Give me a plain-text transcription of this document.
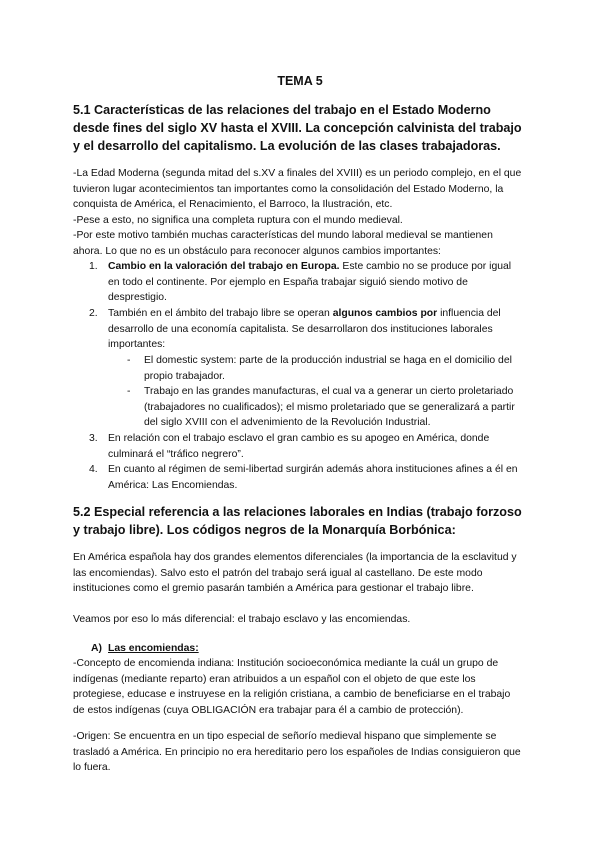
TEMA 5

5.1 Características de las relaciones del trabajo en el Estado Moderno desde fines del siglo XV hasta el XVIII. La concepción calvinista del trabajo y el desarrollo del capitalismo. La evolución de las clases trabajadoras.

-La Edad Moderna (segunda mitad del s.XV a finales del XVIII) es un periodo complejo, en el que tuvieron lugar acontecimientos tan importantes como la consolidación del Estado Moderno, la conquista de América, el Renacimiento, el Barroco, la Ilustración, etc.

-Pese a esto, no significa una completa ruptura con el mundo medieval.

-Por este motivo también muchas características del mundo laboral medieval se mantienen ahora. Lo que no es un obstáculo para reconocer algunos cambios importantes:

1. Cambio en la valoración del trabajo en Europa. Este cambio no se produce por igual en todo el continente. Por ejemplo en España trabajar siguió siendo motivo de desprestigio.

2. También en el ámbito del trabajo libre se operan algunos cambios por influencia del desarrollo de una economía capitalista. Se desarrollaron dos instituciones laborales importantes:

- El domestic system: parte de la producción industrial se haga en el domicilio del propio trabajador.

- Trabajo en las grandes manufacturas, el cual va a generar un cierto proletariado (trabajadores no cualificados); el mismo proletariado que se generalizará a partir del siglo XVIII con el advenimiento de la Revolución Industrial.

3. En relación con el trabajo esclavo el gran cambio es su apogeo en América, donde culminará el “tráfico negrero”.

4. En cuanto al régimen de semi-libertad surgirán además ahora instituciones afines a él en América: Las Encomiendas.

5.2 Especial referencia a las relaciones laborales en Indias (trabajo forzoso y trabajo libre). Los códigos negros de la Monarquía Borbónica:

En América española hay dos grandes elementos diferenciales (la importancia de la esclavitud y las encomiendas). Salvo esto el patrón del trabajo será igual al castellano. De este modo instituciones como el gremio pasarán también a América para gestionar el trabajo libre.

Veamos por eso lo más diferencial: el trabajo esclavo y las encomiendas.

A) Las encomiendas:

-Concepto de encomienda indiana: Institución socioeconómica mediante la cuál un grupo de indígenas (mediante reparto) eran atribuidos a un español con el objeto de que este los protegiese, educase e instruyese en la religión cristiana, a cambio de beneficiarse en el trabajo de estos indígenas (cuya OBLIGACIÓN era trabajar para él a cambio de protección).

-Origen: Se encuentra en un tipo especial de señorío medieval hispano que simplemente se trasladó a América. En principio no era hereditario pero los españoles de Indias consiguieron que lo fuera.
